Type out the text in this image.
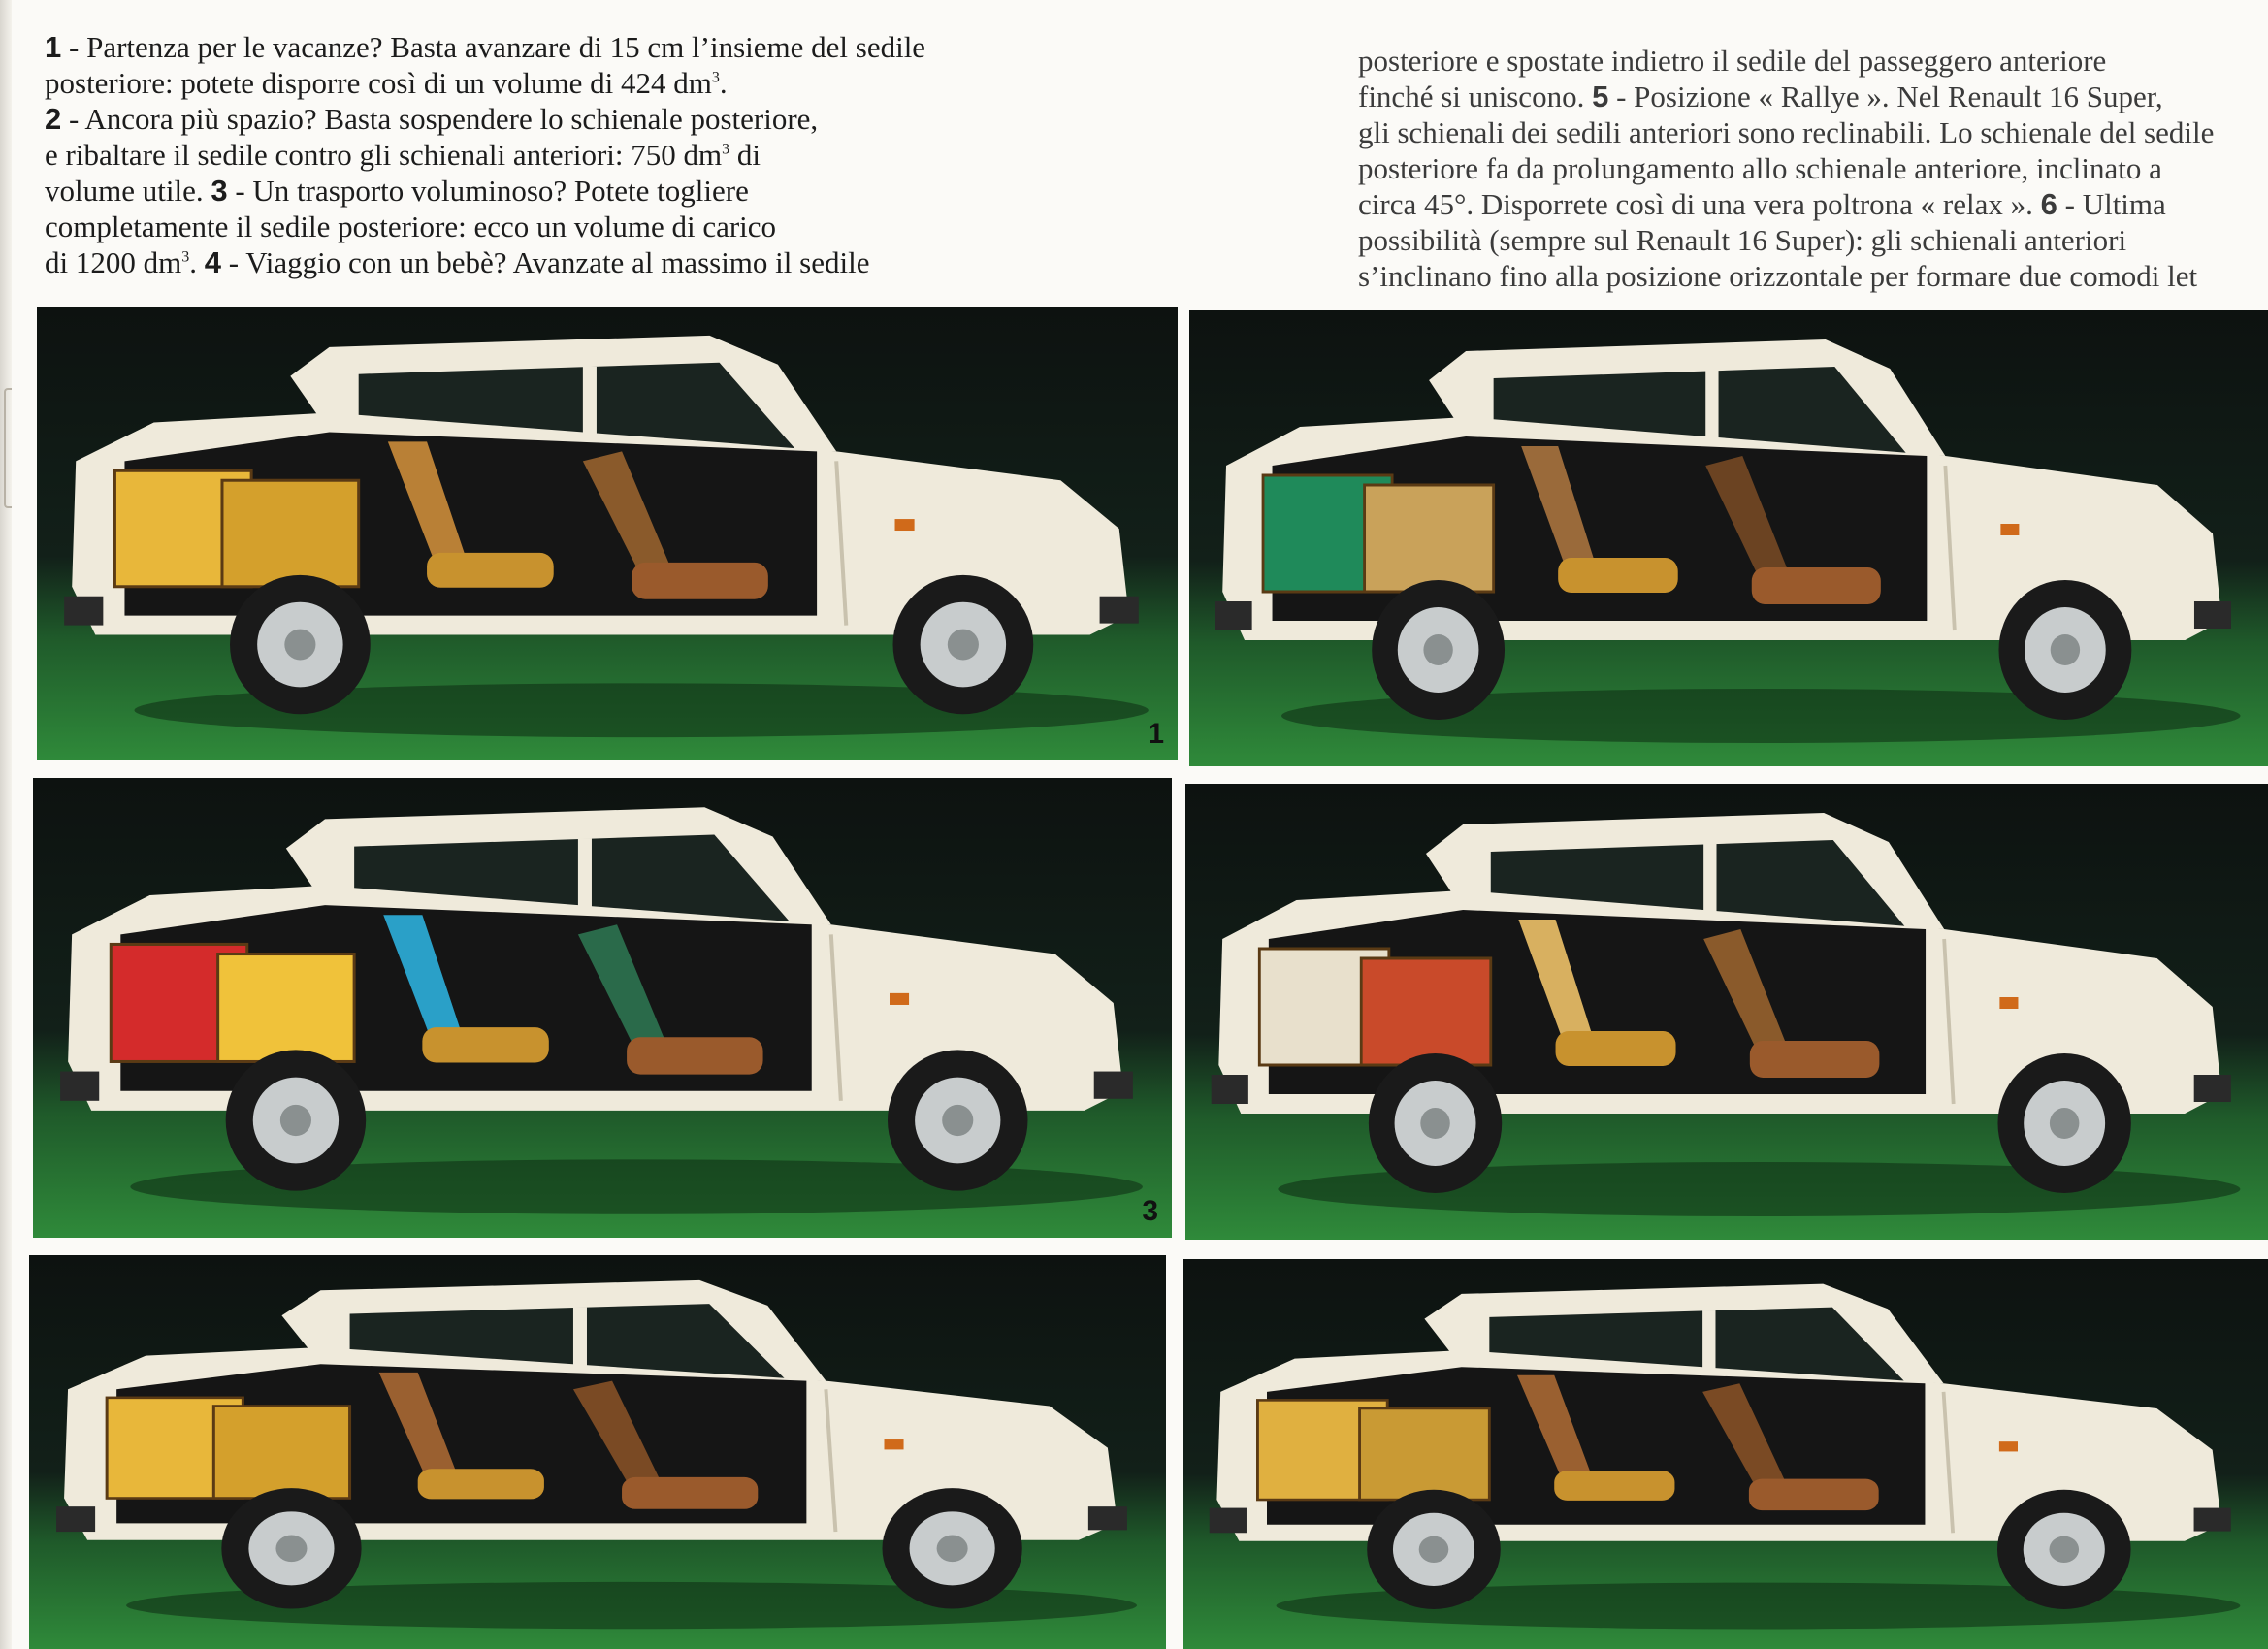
1 - Partenza per le vacanze? Basta avanzare di 15 cm l’insieme del sedile

posteriore: potete disporre così di un volume di 424 $dm^3$.

2 - Ancora più spazio? Basta sospendere lo schienale posteriore,

e ribaltare il sedile contro gli schienali anteriori: 750 $dm^3$ di

volume utile. 3 - Un trasporto voluminoso? Potete togliere

completamente il sedile posteriore: ecco un volume di carico

di 1200 $dm^3$. 4 - Viaggio con un bebè? Avanzate al massimo il sedile

posteriore e spostate indietro il sedile del passeggero anteriore

finché si uniscono. 5 - Posizione « Rallye ». Nel Renault 16 Super,

gli schienali dei sedili anteriori sono reclinabili. Lo schienale del sedile

posteriore fa da prolungamento allo schienale anteriore, inclinato a

circa 45°. Disporrete così di una vera poltrona « relax ». 6 - Ultima

possibilità (sempre sul Renault 16 Super): gli schienali anteriori

s’inclinano fino alla posizione orizzontale per formare due comodi let

1
3
